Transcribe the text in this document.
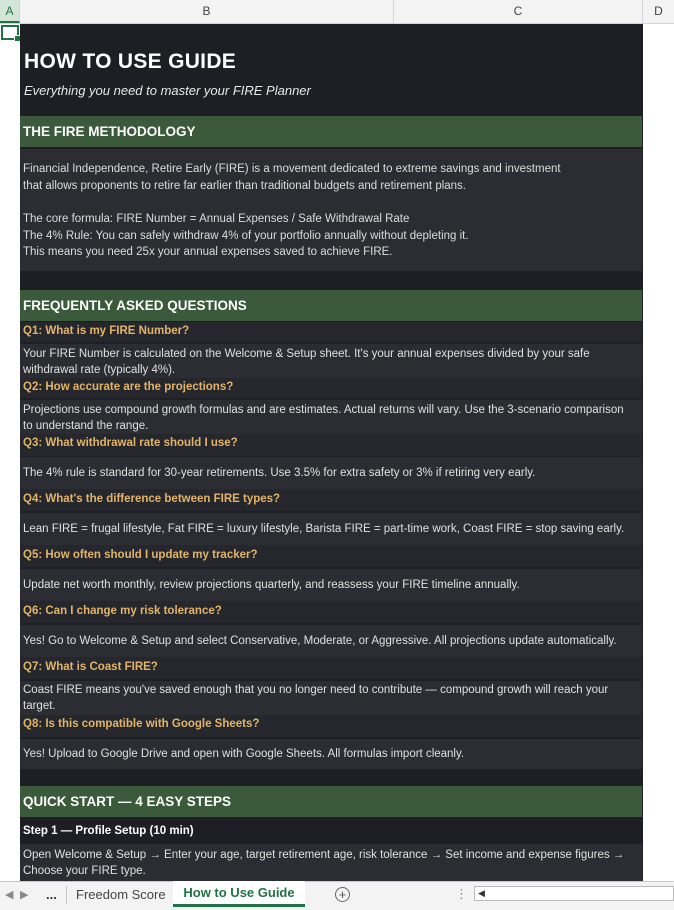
A	B	C	D
HOW TO USE GUIDE
Everything you need to master your FIRE Planner
THE FIRE METHODOLOGY
Financial Independence, Retire Early (FIRE) is a movement dedicated to extreme savings and investment
that allows proponents to retire far earlier than traditional budgets and retirement plans.
The core formula: FIRE Number = Annual Expenses / Safe Withdrawal Rate
The 4% Rule: You can safely withdraw 4% of your portfolio annually without depleting it.
This means you need 25x your annual expenses saved to achieve FIRE.
FREQUENTLY ASKED QUESTIONS
Q1: What is my FIRE Number?
Your FIRE Number is calculated on the Welcome & Setup sheet. It's your annual expenses divided by your safe withdrawal rate (typically 4%).
Q2: How accurate are the projections?
Projections use compound growth formulas and are estimates. Actual returns will vary. Use the 3-scenario comparison to understand the range.
Q3: What withdrawal rate should I use?
The 4% rule is standard for 30-year retirements. Use 3.5% for extra safety or 3% if retiring very early.
Q4: What's the difference between FIRE types?
Lean FIRE = frugal lifestyle, Fat FIRE = luxury lifestyle, Barista FIRE = part-time work, Coast FIRE = stop saving early.
Q5: How often should I update my tracker?
Update net worth monthly, review projections quarterly, and reassess your FIRE timeline annually.
Q6: Can I change my risk tolerance?
Yes! Go to Welcome & Setup and select Conservative, Moderate, or Aggressive. All projections update automatically.
Q7: What is Coast FIRE?
Coast FIRE means you've saved enough that you no longer need to contribute — compound growth will reach your target.
Q8: Is this compatible with Google Sheets?
Yes! Upload to Google Drive and open with Google Sheets. All formulas import cleanly.
QUICK START — 4 EASY STEPS
Step 1 — Profile Setup (10 min)
Open Welcome & Setup → Enter your age, target retirement age, risk tolerance → Set income and expense figures → Choose your FIRE type.
◀ ▶ ... Freedom Score	How to Use Guide	+	⋮ ◀
